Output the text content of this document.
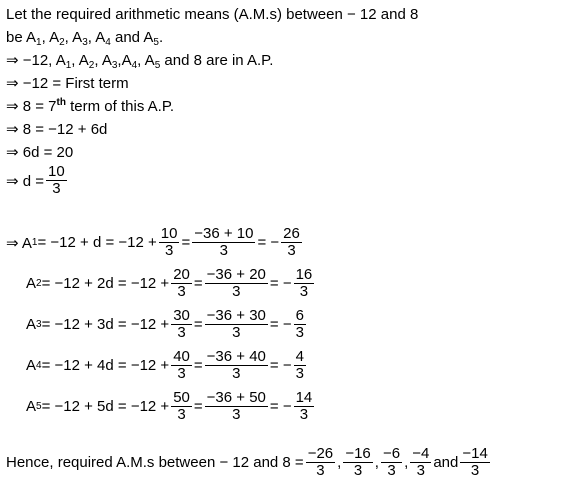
Let the required arithmetic means (A.M.s) between − 12 and 8
be $A_1$, $A_2$, $A_3$, $A_4$ and $A_5$.
⇒ −12, $A_1$, $A_2$, $A_3,A_4$, $A_5$ and 8 are in A.P.
⇒ −12 = First term
⇒ 8 = 7th term of this A.P.
⇒ 8 = −12 + 6d
⇒ 6d = 20
⇒ $d = \frac{10}{3}$
⇒ A $1 = -12 + d = -12 + \frac{10}{3} = \frac{-36 + 10}{3}$ = − $\frac{26}{3}$
A $2 = -12 + 2d = -12 + \frac{20}{3} = \frac{-36 + 20}{3}$ = − $\frac{16}{3}$
A $3 = -12 + 3d = -12 + \frac{30}{3} = \frac{-36 + 30}{3}$ = − $\frac{6}{3}$
A $4 = -12 + 4d = -12 + \frac{40}{3} = \frac{-36 + 40}{3}$ = − $\frac{4}{3}$
A $5 = -12 + 5d = -12 + \frac{50}{3} = \frac{-36 + 50}{3}$ = − $\frac{14}{3}$
Hence, required A.M.s between − 12 and $8 = \frac{-26}{3}$ , $\frac{-16}{3}$ , $\frac{-6}{3}$ , $\frac{-4}{3}$ and $\frac{-14}{3}$
